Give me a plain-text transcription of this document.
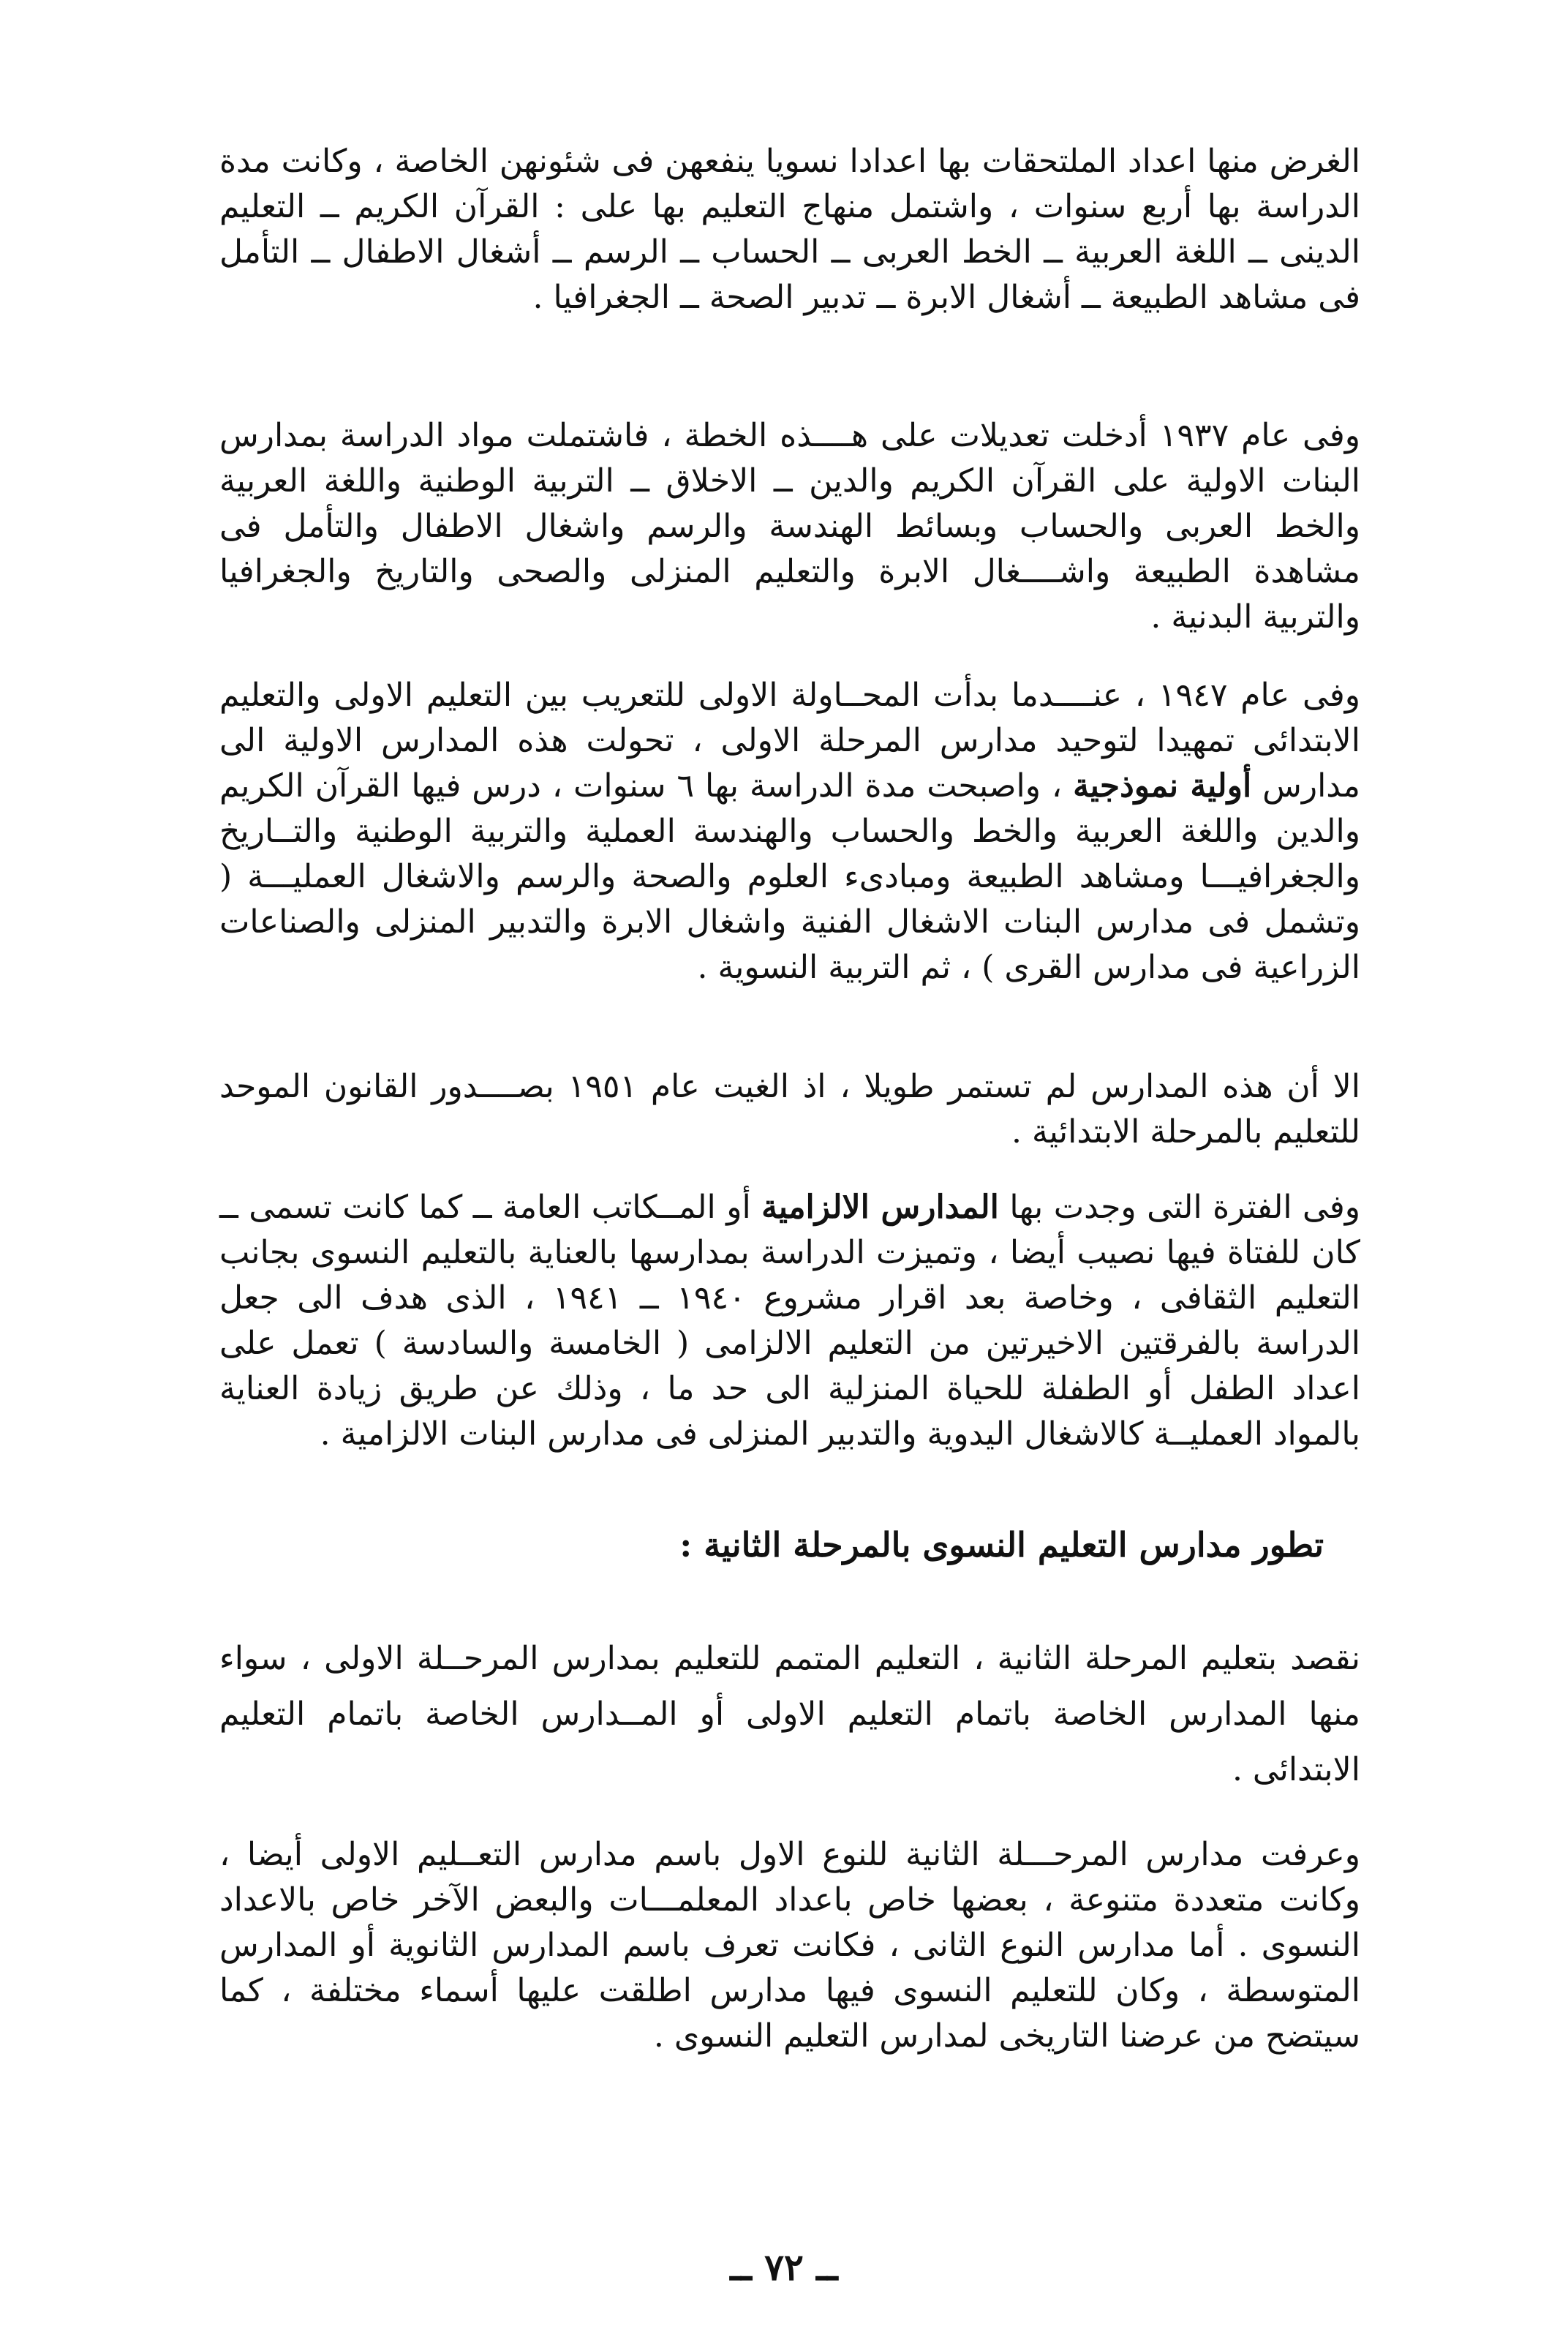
الغرض منها اعداد الملتحقات بها اعدادا نسويا ينفعهن فى شئونهن الخاصة ، وكانت مدة الدراسة بها أربع سنوات ، واشتمل منهاج التعليم بها على : القرآن الكريم ــ التعليم الدينى ــ اللغة العربية ــ الخط العربى ــ الحساب ــ الرسم ــ أشغال الاطفال ــ التأمل فى مشاهد الطبيعة ــ أشغال الابرة ــ تدبير الصحة ــ الجغرافيا .

وفى عام ١٩٣٧ أدخلت تعديلات على هــــذه الخطة ، فاشتملت مواد الدراسة بمدارس البنات الاولية على القرآن الكريم والدين ــ الاخلاق ــ التربية الوطنية واللغة العربية والخط العربى والحساب وبسائط الهندسة والرسم واشغال الاطفال والتأمل فى مشاهدة الطبيعة واشــــغال الابرة والتعليم المنزلى والصحى والتاريخ والجغرافيا والتربية البدنية .

وفى عام ١٩٤٧ ، عنــــدما بدأت المحــاولة الاولى للتعريب بين التعليم الاولى والتعليم الابتدائى تمهيدا لتوحيد مدارس المرحلة الاولى ، تحولت هذه المدارس الاولية الى مدارس أولية نموذجية ، واصبحت مدة الدراسة بها ٦ سنوات ، درس فيها القرآن الكريم والدين واللغة العربية والخط والحساب والهندسة العملية والتربية الوطنية والتــاريخ والجغرافيـــا ومشاهد الطبيعة ومبادىء العلوم والصحة والرسم والاشغال العمليـــة ( وتشمل فى مدارس البنات الاشغال الفنية واشغال الابرة والتدبير المنزلى والصناعات الزراعية فى مدارس القرى ) ، ثم التربية النسوية .

الا أن هذه المدارس لم تستمر طويلا ، اذ الغيت عام ١٩٥١ بصــــدور القانون الموحد للتعليم بالمرحلة الابتدائية .

وفى الفترة التى وجدت بها المدارس الالزامية أو المــكاتب العامة ــ كما كانت تسمى ــ كان للفتاة فيها نصيب أيضا ، وتميزت الدراسة بمدارسها بالعناية بالتعليم النسوى بجانب التعليم الثقافى ، وخاصة بعد اقرار مشروع ١٩٤٠ ــ ١٩٤١ ، الذى هدف الى جعل الدراسة بالفرقتين الاخيرتين من التعليم الالزامى ( الخامسة والسادسة ) تعمل على اعداد الطفل أو الطفلة للحياة المنزلية الى حد ما ، وذلك عن طريق زيادة العناية بالمواد العمليــة كالاشغال اليدوية والتدبير المنزلى فى مدارس البنات الالزامية .

تطور مدارس التعليم النسوى بالمرحلة الثانية :

نقصد بتعليم المرحلة الثانية ، التعليم المتمم للتعليم بمدارس المرحــلة الاولى ، سواء منها المدارس الخاصة باتمام التعليم الاولى أو المــدارس الخاصة باتمام التعليم الابتدائى .

وعرفت مدارس المرحـــلة الثانية للنوع الاول باسم مدارس التعــليم الاولى أيضا ، وكانت متعددة متنوعة ، بعضها خاص باعداد المعلمـــات والبعض الآخر خاص بالاعداد النسوى . أما مدارس النوع الثانى ، فكانت تعرف باسم المدارس الثانوية أو المدارس المتوسطة ، وكان للتعليم النسوى فيها مدارس اطلقت عليها أسماء مختلفة ، كما سيتضح من عرضنا التاريخى لمدارس التعليم النسوى .

ــ ٧٢ ــ
